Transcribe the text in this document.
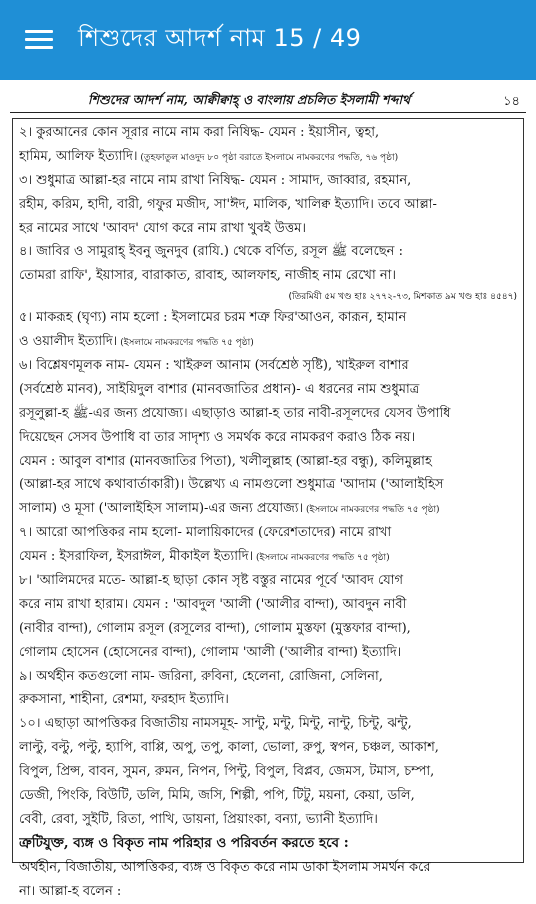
শিশুদের আদর্শ নাম 15 / 49
শিশুদের আদর্শ নাম, আক্বীক্বাহ্‌ ও বাংলায় প্রচলিত ইসলামী শব্দার্থ	১৪
২। কুরআনের কোন সূরার নামে নাম করা নিষিদ্ধ- যেমন : ইয়াসীন, ত্বহা,
হামিম, আলিফ ইত্যাদি। (তুহফাতুল মাওদুদ ৮০ পৃষ্ঠা বরাতে ইসলামে নামকরণের পদ্ধতি, ৭৬ পৃষ্ঠা)
৩। শুধুমাত্র আল্লা-হর নামে নাম রাখা নিষিদ্ধ- যেমন : সামাদ, জাব্বার, রহমান,
রহীম, করিম, হাদী, বারী, গফুর মজীদ, সা'ঈদ, মালিক, খালিক্ব ইত্যাদি। তবে আল্লা-
হর নামের সাথে 'আবদ' যোগ করে নাম রাখা খুবই উত্তম।
৪। জাবির ও সামুরাহ্‌ ইবনু জুনদুব (রাযি.) থেকে বর্ণিত, রসূল ﷺ বলেছেন :
তোমরা রাফি', ইয়াসার, বারাকাত, রাবাহ, আলফাহ, নাজীহ নাম রেখো না।
(তিরমিযী ৫ম খণ্ড হাঃ ২৭৭২-৭৩, মিশকাত ৯ম খণ্ড হাঃ ৪৫৪৭)
৫। মাকরূহ (ঘৃণ্য) নাম হলো : ইসলামের চরম শত্রু ফির'আওন, কারূন, হামান
ও ওয়ালীদ ইত্যাদি। (ইসলামে নামকরণের পদ্ধতি ৭৫ পৃষ্ঠা)
৬। বিশ্লেষণমূলক নাম- যেমন : খাইরুল আনাম (সর্বশ্রেষ্ঠ সৃষ্টি), খাইরুল বাশার
(সর্বশ্রেষ্ঠ মানব), সাইয়িদুল বাশার (মানবজাতির প্রধান)- এ ধরনের নাম শুধুমাত্র
রসূলুল্লা-হ ﷺ-এর জন্য প্রযোজ্য। এছাড়াও আল্লা-হ তার নাবী-রসূলদের যেসব উপাধি
দিয়েছেন সেসব উপাধি বা তার সাদৃশ্য ও সমর্থক করে নামকরণ করাও ঠিক নয়।
যেমন : আবুল বাশার (মানবজাতির পিতা), খলীলুল্লাহ (আল্লা-হর বন্ধু), কলিমুল্লাহ
(আল্লা-হর সাথে কথাবার্তাকারী)। উল্লেখ্য এ নামগুলো শুধুমাত্র 'আদাম ('আলাইহিস
সালাম) ও মূসা ('আলাইহিস সালাম)-এর জন্য প্রযোজ্য। (ইসলামে নামকরণের পদ্ধতি ৭৫ পৃষ্ঠা)
৭। আরো আপত্তিকর নাম হলো- মালায়িকাদের (ফেরেশতাদের) নামে রাখা
যেমন : ইসরাফিল, ইসরাঈল, মীকাইল ইত্যাদি। (ইসলামে নামকরণের পদ্ধতি ৭৫ পৃষ্ঠা)
৮। 'আলিমদের মতে- আল্লা-হ ছাড়া কোন সৃষ্ট বস্তুর নামের পূর্বে 'আবদ যোগ
করে নাম রাখা হারাম। যেমন : 'আবদুল 'আলী ('আলীর বান্দা), আবদুন নাবী
(নাবীর বান্দা), গোলাম রসূল (রসূলের বান্দা), গোলাম মুস্তফা (মুস্তফার বান্দা),
গোলাম হোসেন (হোসেনের বান্দা), গোলাম 'আলী ('আলীর বান্দা) ইত্যাদি।
৯। অর্থহীন কতগুলো নাম- জরিনা, রুবিনা, হেলেনা, রোজিনা, সেলিনা,
রুকসানা, শাহীনা, রেশমা, ফরহাদ ইত্যাদি।
১০। এছাড়া আপত্তিকর বিজাতীয় নামসমূহ- সান্টু, মন্টু, মিন্টু, নান্টু, চিন্টু, ঝন্টু,
লাল্টু, বল্টু, পল্টু, হ্যাপি, বাপ্পি, অপু, তপু, কালা, ভোলা, রুপু, স্বপন, চঞ্চল, আকাশ,
বিপুল, প্রিন্স, বাবন, সুমন, রুমন, নিপন, পিন্টু, বিপুল, বিপ্লব, জেমস, টমাস, চম্পা,
ডেজী, পিংকি, বিউটি, ডলি, মিমি, জসি, শিল্পী, পপি, টিটু, ময়না, কেয়া, ডলি,
বেবী, রেবা, সুইটি, রিতা, পাখি, ডায়না, প্রিয়াংকা, বন্যা, ভ্যানী ইত্যাদি।
ত্রুটিযুক্ত, ব্যঙ্গ ও বিকৃত নাম পরিহার ও পরিবর্তন করতে হবে :
অর্থহীন, বিজাতীয়, আপত্তিকর, ব্যঙ্গ ও বিকৃত করে নাম ডাকা ইসলাম সমর্থন করে
না। আল্লা-হ বলেন :
